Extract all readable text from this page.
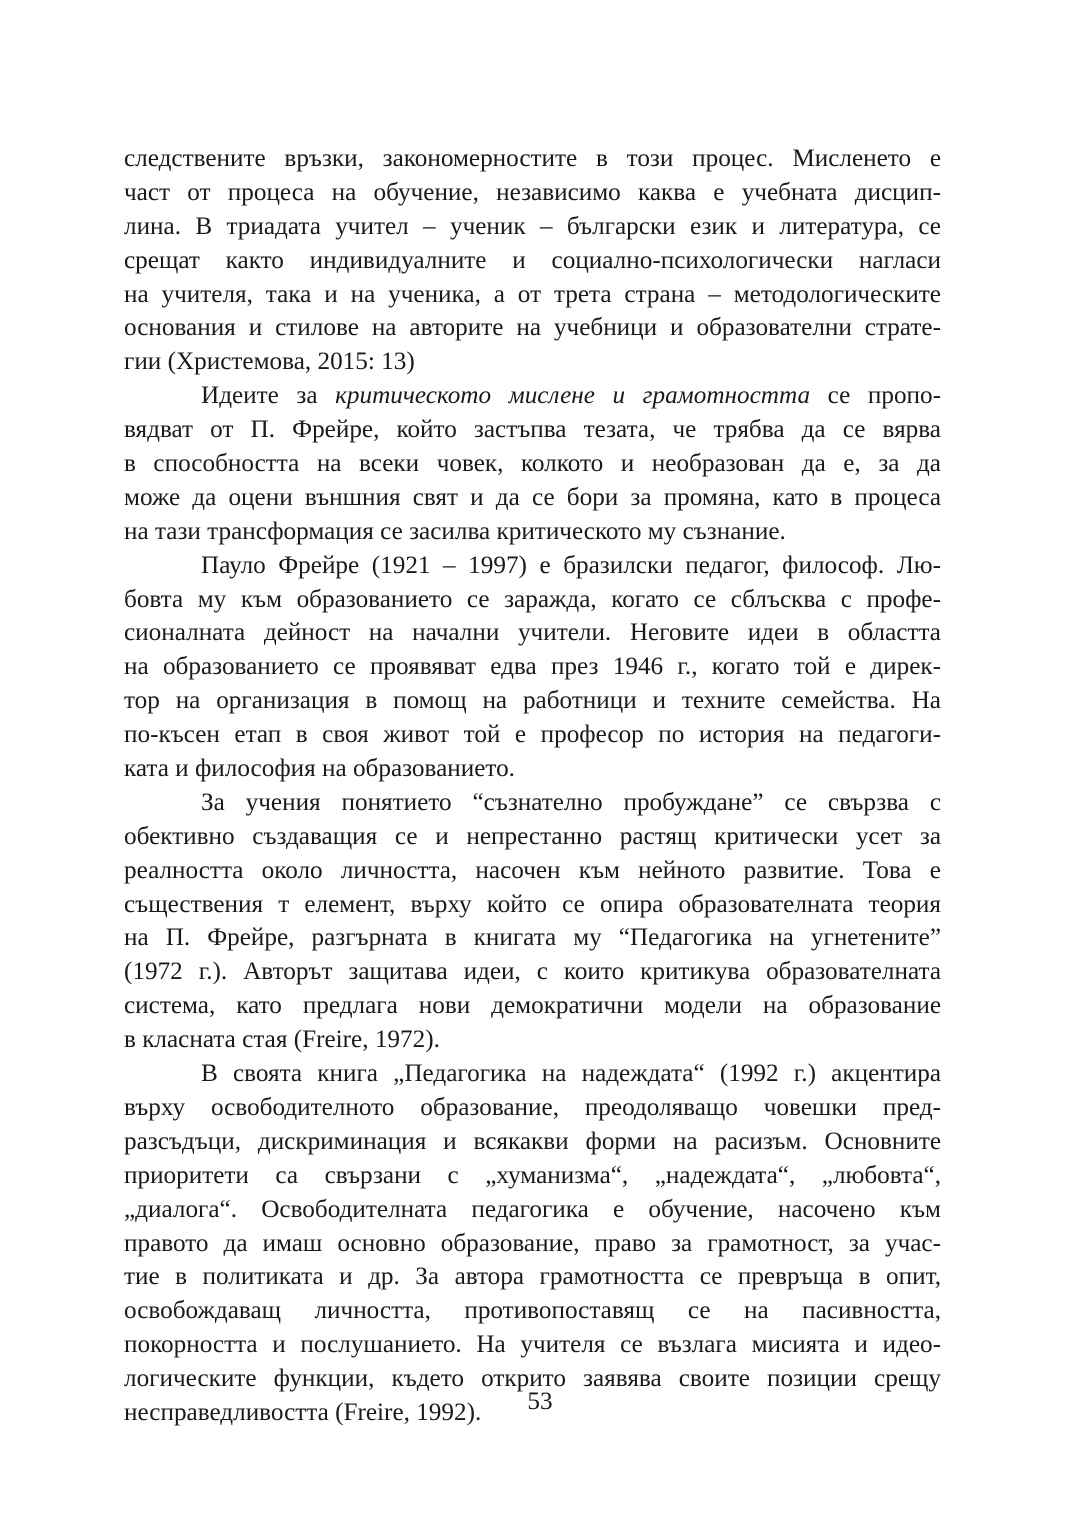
следствените връзки, закономерностите в този процес. Мисленето е
част от процеса на обучение, независимо каква е учебната дисцип-
лина. В триадата учител – ученик – български език и литература, се
срещат както индивидуалните и социално-психологически нагласи
на учителя, така и на ученика, а от трета страна – методологическите
основания и стилове на авторите на учебници и образователни страте-
гии (Христемова, 2015: 13)
Идеите за критическото мислене и грамотността се пропо-
вядват от П. Фрейре, който застъпва тезата, че трябва да се вярва
в способността на всеки човек, колкото и необразован да е, за да
може да оцени външния свят и да се бори за промяна, като в процеса
на тази трансформация се засилва критическото му съзнание.
Пауло Фрейре (1921 – 1997) е бразилски педагог, философ. Лю-
бовта му към образованието се заражда, когато се сблъсква с профе-
сионалната дейност на начални учители. Неговите идеи в областта
на образованието се проявяват едва през 1946 г., когато той е дирек-
тор на организация в помощ на работници и техните семейства. На
по-късен етап в своя живот той е професор по история на педагоги-
ката и философия на образованието.
За учения понятието “съзнателно пробуждане” се свързва с
обективно създаващия се и непрестанно растящ критически усет за
реалността около личността, насочен към нейното развитие. Това е
съществения т елемент, върху който се опира образователната теория
на П. Фрейре, разгърната в книгата му “Педагогика на угнетените”
(1972 г.). Авторът защитава идеи, с които критикува образователната
система, като предлага нови демократични модели на образование
в класната стая (Freire, 1972).
В своята книга „Педагогика на надеждата“ (1992 г.) акцентира
върху освободителното образование, преодоляващо човешки пред-
разсъдъци, дискриминация и всякакви форми на расизъм. Основните
приоритети са свързани с „хуманизма“, „надеждата“, „любовта“,
„диалога“. Освободителната педагогика е обучение, насочено към
правото да имаш основно образование, право за грамотност, за учас-
тие в политиката и др. За автора грамотността се превръща в опит,
освобождаващ личността, противопоставящ се на пасивността,
покорността и послушанието. На учителя се възлага мисията и идео-
логическите функции, където открито заявява своите позиции срещу
несправедливостта (Freire, 1992).	53
